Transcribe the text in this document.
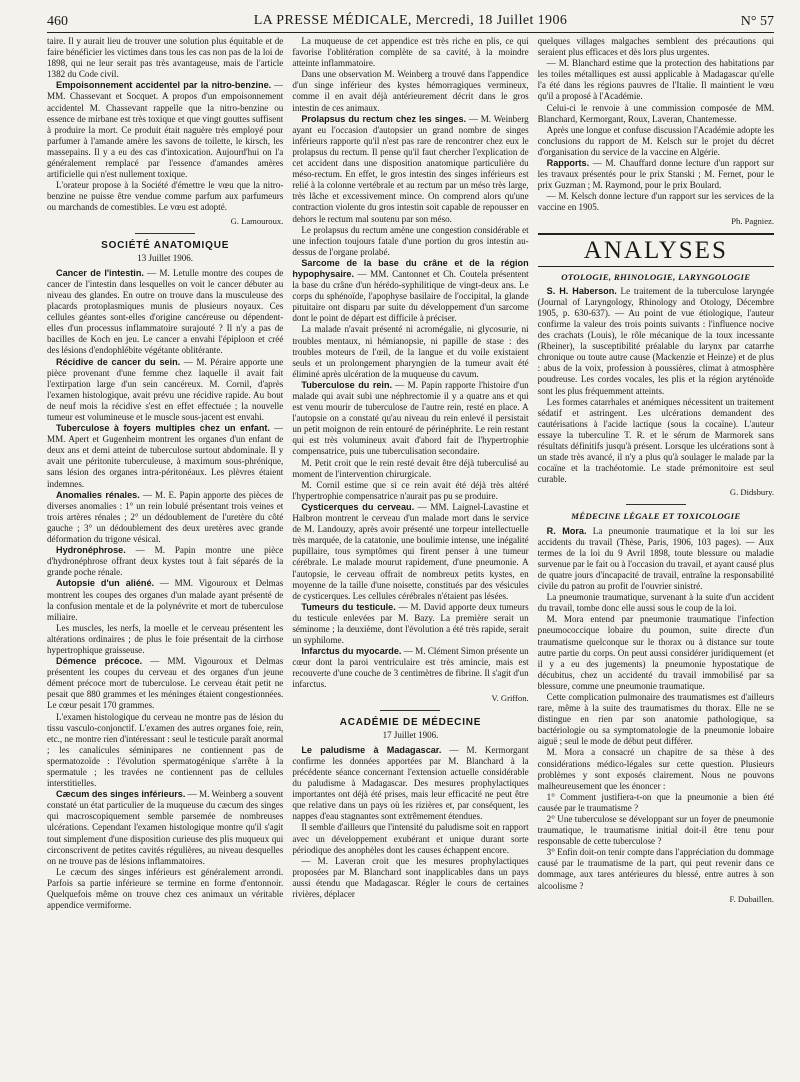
460	LA PRESSE MÉDICALE, Mercredi, 18 Juillet 1906	N° 57

taire. Il y aurait lieu de trouver une solution plus équitable et de faire bénéficier les victimes dans tous les cas non pas de la loi de 1898, qui ne leur serait pas très avantageuse, mais de l'article 1382 du Code civil.

Empoisonnement accidentel par la nitro-benzine. — MM. Chassevant et Socquet. A propos d'un empoisonnement accidentel M. Chassevant rappelle que la nitro-benzine ou essence de mirbane est très toxique et que vingt gouttes suffisent à produire la mort. Ce produit était naguère très employé pour parfumer à l'amande amère les savons de toilette, le kirsch, les massepains. Il y a eu des cas d'intoxication. Aujourd'hui on l'a généralement remplacé par l'essence d'amandes amères artificielle qui n'est nullement toxique.

L'orateur propose à la Société d'émettre le vœu que la nitro-benzine ne puisse être vendue comme parfum aux parfumeurs ou marchands de comestibles. Le vœu est adopté.

G. Lamouroux.
SOCIÉTÉ ANATOMIQUE
13 Juillet 1906.

Cancer de l'intestin. — M. Letulle montre des coupes de cancer de l'intestin dans lesquelles on voit le cancer débuter au niveau des glandes. En outre on trouve dans la musculeuse des placards protoplasmiques munis de plusieurs noyaux. Ces cellules géantes sont-elles d'origine cancéreuse ou dépendent-elles d'un processus inflammatoire surajouté ? Il n'y a pas de bacilles de Koch en jeu. Le cancer a envahi l'épiploon et créé des lésions d'endophlébite végétante oblitérante.

Récidive de cancer du sein. — M. Péraire apporte une pièce provenant d'une femme chez laquelle il avait fait l'extirpation large d'un sein cancéreux. M. Cornil, d'après l'examen histologique, avait prévu une récidive rapide. Au bout de neuf mois la récidive s'est en effet effectuée ; la nouvelle tumeur est volumineuse et le muscle sous-jacent est envahi.

Tuberculose à foyers multiples chez un enfant. — MM. Apert et Gugenheim montrent les organes d'un enfant de deux ans et demi atteint de tuberculose surtout abdominale. Il y avait une péritonite tuberculeuse, à maximum sous-phrénique, sans lésion des organes intra-péritonéaux. Les plèvres étaient indemnes.

Anomalies rénales. — M. E. Papin apporte des pièces de diverses anomalies : 1° un rein lobulé présentant trois veines et trois artères rénales ; 2° un dédoublement de l'uretère du côté gauche ; 3° un dédoublement des deux uretères avec grande déformation du trigone vésical.

Hydronéphrose. — M. Papin montre une pièce d'hydronéphrose offrant deux kystes tout à fait séparés de la grande poche rénale.

Autopsie d'un aliéné. — MM. Vigouroux et Delmas montrent les coupes des organes d'un malade ayant présenté de la confusion mentale et de la polynévrite et mort de tuberculose miliaire.

Les muscles, les nerfs, la moelle et le cerveau présentent les altérations ordinaires ; de plus le foie présentait de la cirrhose hypertrophique graisseuse.

Démence précoce. — MM. Vigouroux et Delmas présentent les coupes du cerveau et des organes d'un jeune dément précoce mort de tuberculose. Le cerveau était petit ne pesait que 880 grammes et les méninges étaient congestionnées. Le cœur pesait 170 grammes.

L'examen histologique du cerveau ne montre pas de lésion du tissu vasculo-conjonctif. L'examen des autres organes foie, rein, etc., ne montre rien d'intéressant : seul le testicule paraît anormal ; les canalicules séminipares ne contiennent pas de spermatozoïde : l'évolution spermatogénique s'arrête à la spermatule ; les travées ne contiennent pas de cellules interstitielles.

Cæcum des singes inférieurs. — M. Weinberg a souvent constaté un état particulier de la muqueuse du cæcum des singes qui macroscopiquement semble parsemée de nombreuses ulcérations. Cependant l'examen histologique montre qu'il s'agit tout simplement d'une disposition curieuse des plis muqueux qui circonscrivent de petites cavités régulières, au niveau desquelles on ne trouve pas de lésions inflammatoires.

Le cæcum des singes inférieurs est généralement arrondi. Parfois sa partie inférieure se termine en forme d'entonnoir. Quelquefois même on trouve chez ces animaux un véritable appendice vermiforme.

La muqueuse de cet appendice est très riche en plis, ce qui favorise l'oblitération complète de sa cavité, à la moindre atteinte inflammatoire.

Dans une observation M. Weinberg a trouvé dans l'appendice d'un singe inférieur des kystes hémorragiques vermineux, comme il en avait déjà antérieurement décrit dans le gros intestin de ces animaux.

Prolapsus du rectum chez les singes. — M. Weinberg ayant eu l'occasion d'autopsier un grand nombre de singes inférieurs rapporte qu'il n'est pas rare de rencontrer chez eux le prolapsus du rectum. Il pense qu'il faut chercher l'explication de cet accident dans une disposition anatomique particulière du méso-rectum. En effet, le gros intestin des singes inférieurs est relié à la colonne vertébrale et au rectum par un méso très large, très lâche et excessivement mince. On comprend alors qu'une contraction violente du gros intestin soit capable de repousser en dehors le rectum mal soutenu par son méso.

Le prolapsus du rectum amène une congestion considérable et une infection toujours fatale d'une portion du gros intestin au-dessus de l'organe prolabé.

Sarcome de la base du crâne et de la région hypophysaire. — MM. Cantonnet et Ch. Coutela présentent la base du crâne d'un hérédo-syphilitique de vingt-deux ans. Le corps du sphénoïde, l'apophyse basilaire de l'occipital, la glande pituitaire ont disparu par suite du développement d'un sarcome dont le point de départ est difficile à préciser.

La malade n'avait présenté ni acromégalie, ni glycosurie, ni troubles mentaux, ni hémianopsie, ni papille de stase : des troubles moteurs de l'œil, de la langue et du voile existaient seuls et un prolongement pharyngien de la tumeur avait été éliminé après ulcération de la muqueuse du cavum.

Tuberculose du rein. — M. Papin rapporte l'histoire d'un malade qui avait subi une néphrectomie il y a quatre ans et qui est venu mourir de tuberculose de l'autre rein, resté en place. A l'autopsie on a constaté qu'au niveau du rein enlevé il persistait un petit moignon de rein entouré de périnéphrite. Le rein restant qui est très volumineux avait d'abord fait de l'hypertrophie compensatrice, puis une tuberculisation secondaire.

M. Petit croit que le rein resté devait être déjà tuberculisé au moment de l'intervention chirurgicale.

M. Cornil estime que si ce rein avait été déjà très altéré l'hypertrophie compensatrice n'aurait pas pu se produire.

Cysticerques du cerveau. — MM. Laignel-Lavastine et Halbron montrent le cerveau d'un malade mort dans le service de M. Landouzy, après avoir présenté une torpeur intellectuelle très marquée, de la catatonie, une boulimie intense, une inégalité pupillaire, tous symptômes qui firent penser à une tumeur cérébrale. Le malade mourut rapidement, d'une pneumonie. A l'autopsie, le cerveau offrait de nombreux petits kystes, en moyenne de la taille d'une noisette, constitués par des vésicules de cysticerques. Les cellules cérébrales n'étaient pas lésées.

Tumeurs du testicule. — M. David apporte deux tumeurs du testicule enlevées par M. Bazy. La première serait un séminome ; la deuxième, dont l'évolution a été très rapide, serait un syphilome.

Infarctus du myocarde. — M. Clément Simon présente un cœur dont la paroi ventriculaire est très amincie, mais est recouverte d'une couche de 3 centimètres de fibrine. Il s'agit d'un infarctus.

V. Griffon.
ACADÉMIE DE MÉDECINE
17 Juillet 1906.

Le paludisme à Madagascar. — M. Kermorgant confirme les données apportées par M. Blanchard à la précédente séance concernant l'extension actuelle considérable du paludisme à Madagascar. Des mesures prophylactiques importantes ont déjà été prises, mais leur efficacité ne peut être que relative dans un pays où les rizières et, par conséquent, les nappes d'eau stagnantes sont extrêmement étendues.

Il semble d'ailleurs que l'intensité du paludisme soit en rapport avec un développement exubérant et unique durant sorte périodique des anophèles dont les causes échappent encore.

— M. Laveran croit que les mesures prophylactiques proposées par M. Blanchard sont inapplicables dans un pays aussi étendu que Madagascar. Régler le cours de certaines rivières, déplacer

quelques villages malgaches semblent des précautions qui seraient plus efficaces et dès lors plus urgentes.

— M. Blanchard estime que la protection des habitations par les toiles métalliques est aussi applicable à Madagascar qu'elle l'a été dans les régions pauvres de l'Italie. Il maintient le vœu qu'il a proposé à l'Académie.

Celui-ci le renvoie à une commission composée de MM. Blanchard, Kermorgant, Roux, Laveran, Chantemesse.

Après une longue et confuse discussion l'Académie adopte les conclusions du rapport de M. Kelsch sur le projet du décret d'organisation du service de la vaccine en Algérie.

Rapports. — M. Chauffard donne lecture d'un rapport sur les travaux présentés pour le prix Stanski ; M. Fernet, pour le prix Guzman ; M. Raymond, pour le prix Boulard.

— M. Kelsch donne lecture d'un rapport sur les services de la vaccine en 1905.

Ph. Pagniez.
ANALYSES
OTOLOGIE, RHINOLOGIE, LARYNGOLOGIE

S. H. Haberson. Le traitement de la tuberculose laryngée (Journal of Laryngology, Rhinology and Otology, Décembre 1905, p. 630-637). — Au point de vue étiologique, l'auteur confirme la valeur des trois points suivants : l'influence nocive des crachats (Louis), le rôle mécanique de la toux incessante (Rheiner), la susceptibilité préalable du larynx par catarrhe chronique ou toute autre cause (Mackenzie et Heinze) et de plus : abus de la voix, profession à poussières, climat à atmosphère poudreuse. Les cordes vocales, les plis et la région aryténoïde sont les plus fréquemment atteints.

Les formes catarrhales et anémiques nécessitent un traitement sédatif et astringent. Les ulcérations demandent des cautérisations à l'acide lactique (sous la cocaïne). L'auteur essaye la tuberculine T. R. et le sérum de Marmorek sans résultats définitifs jusqu'à présent. Lorsque les ulcérations sont à un stade très avancé, il n'y a plus qu'à soulager le malade par la cocaïne et la trachéotomie. Le stade prémonitoire est seul curable.

G. Didsbury.
MÉDECINE LÉGALE ET TOXICOLOGIE

R. Mora. La pneumonie traumatique et la loi sur les accidents du travail (Thèse, Paris, 1906, 103 pages). — Aux termes de la loi du 9 Avril 1898, toute blessure ou maladie survenue par le fait ou à l'occasion du travail, et ayant causé plus de quatre jours d'incapacité de travail, entraîne la responsabilité civile du patron au profit de l'ouvrier sinistré.

La pneumonie traumatique, survenant à la suite d'un accident du travail, tombe donc elle aussi sous le coup de la loi.

M. Mora entend par pneumonie traumatique l'infection pneumococcique lobaire du poumon, suite directe d'un traumatisme quelconque sur le thorax ou à distance sur toute autre partie du corps. On peut aussi considérer juridiquement (et il y a eu des jugements) la pneumonie hypostatique de décubitus, chez un accidenté du travail immobilisé par sa blessure, comme une pneumonie traumatique.

Cette complication pulmonaire des traumatismes est d'ailleurs rare, même à la suite des traumatismes du thorax. Elle ne se distingue en rien par son anatomie pathologique, sa bactériologie ou sa symptomatologie de la pneumonie lobaire aiguë ; seul le mode de début peut différer.

M. Mora a consacré un chapitre de sa thèse à des considérations médico-légales sur cette question. Plusieurs problèmes y sont exposés clairement. Nous ne pouvons malheureusement que les énoncer :

1° Comment justifiera-t-on que la pneumonie a bien été causée par le traumatisme ?

2° Une tuberculose se développant sur un foyer de pneumonie traumatique, le traumatisme initial doit-il être tenu pour responsable de cette tuberculose ?

3° Enfin doit-on tenir compte dans l'appréciation du dommage causé par le traumatisme de la part, qui peut revenir dans ce dommage, aux tares antérieures du blessé, entre autres à son alcoolisme ?

F. Dubaillen.
